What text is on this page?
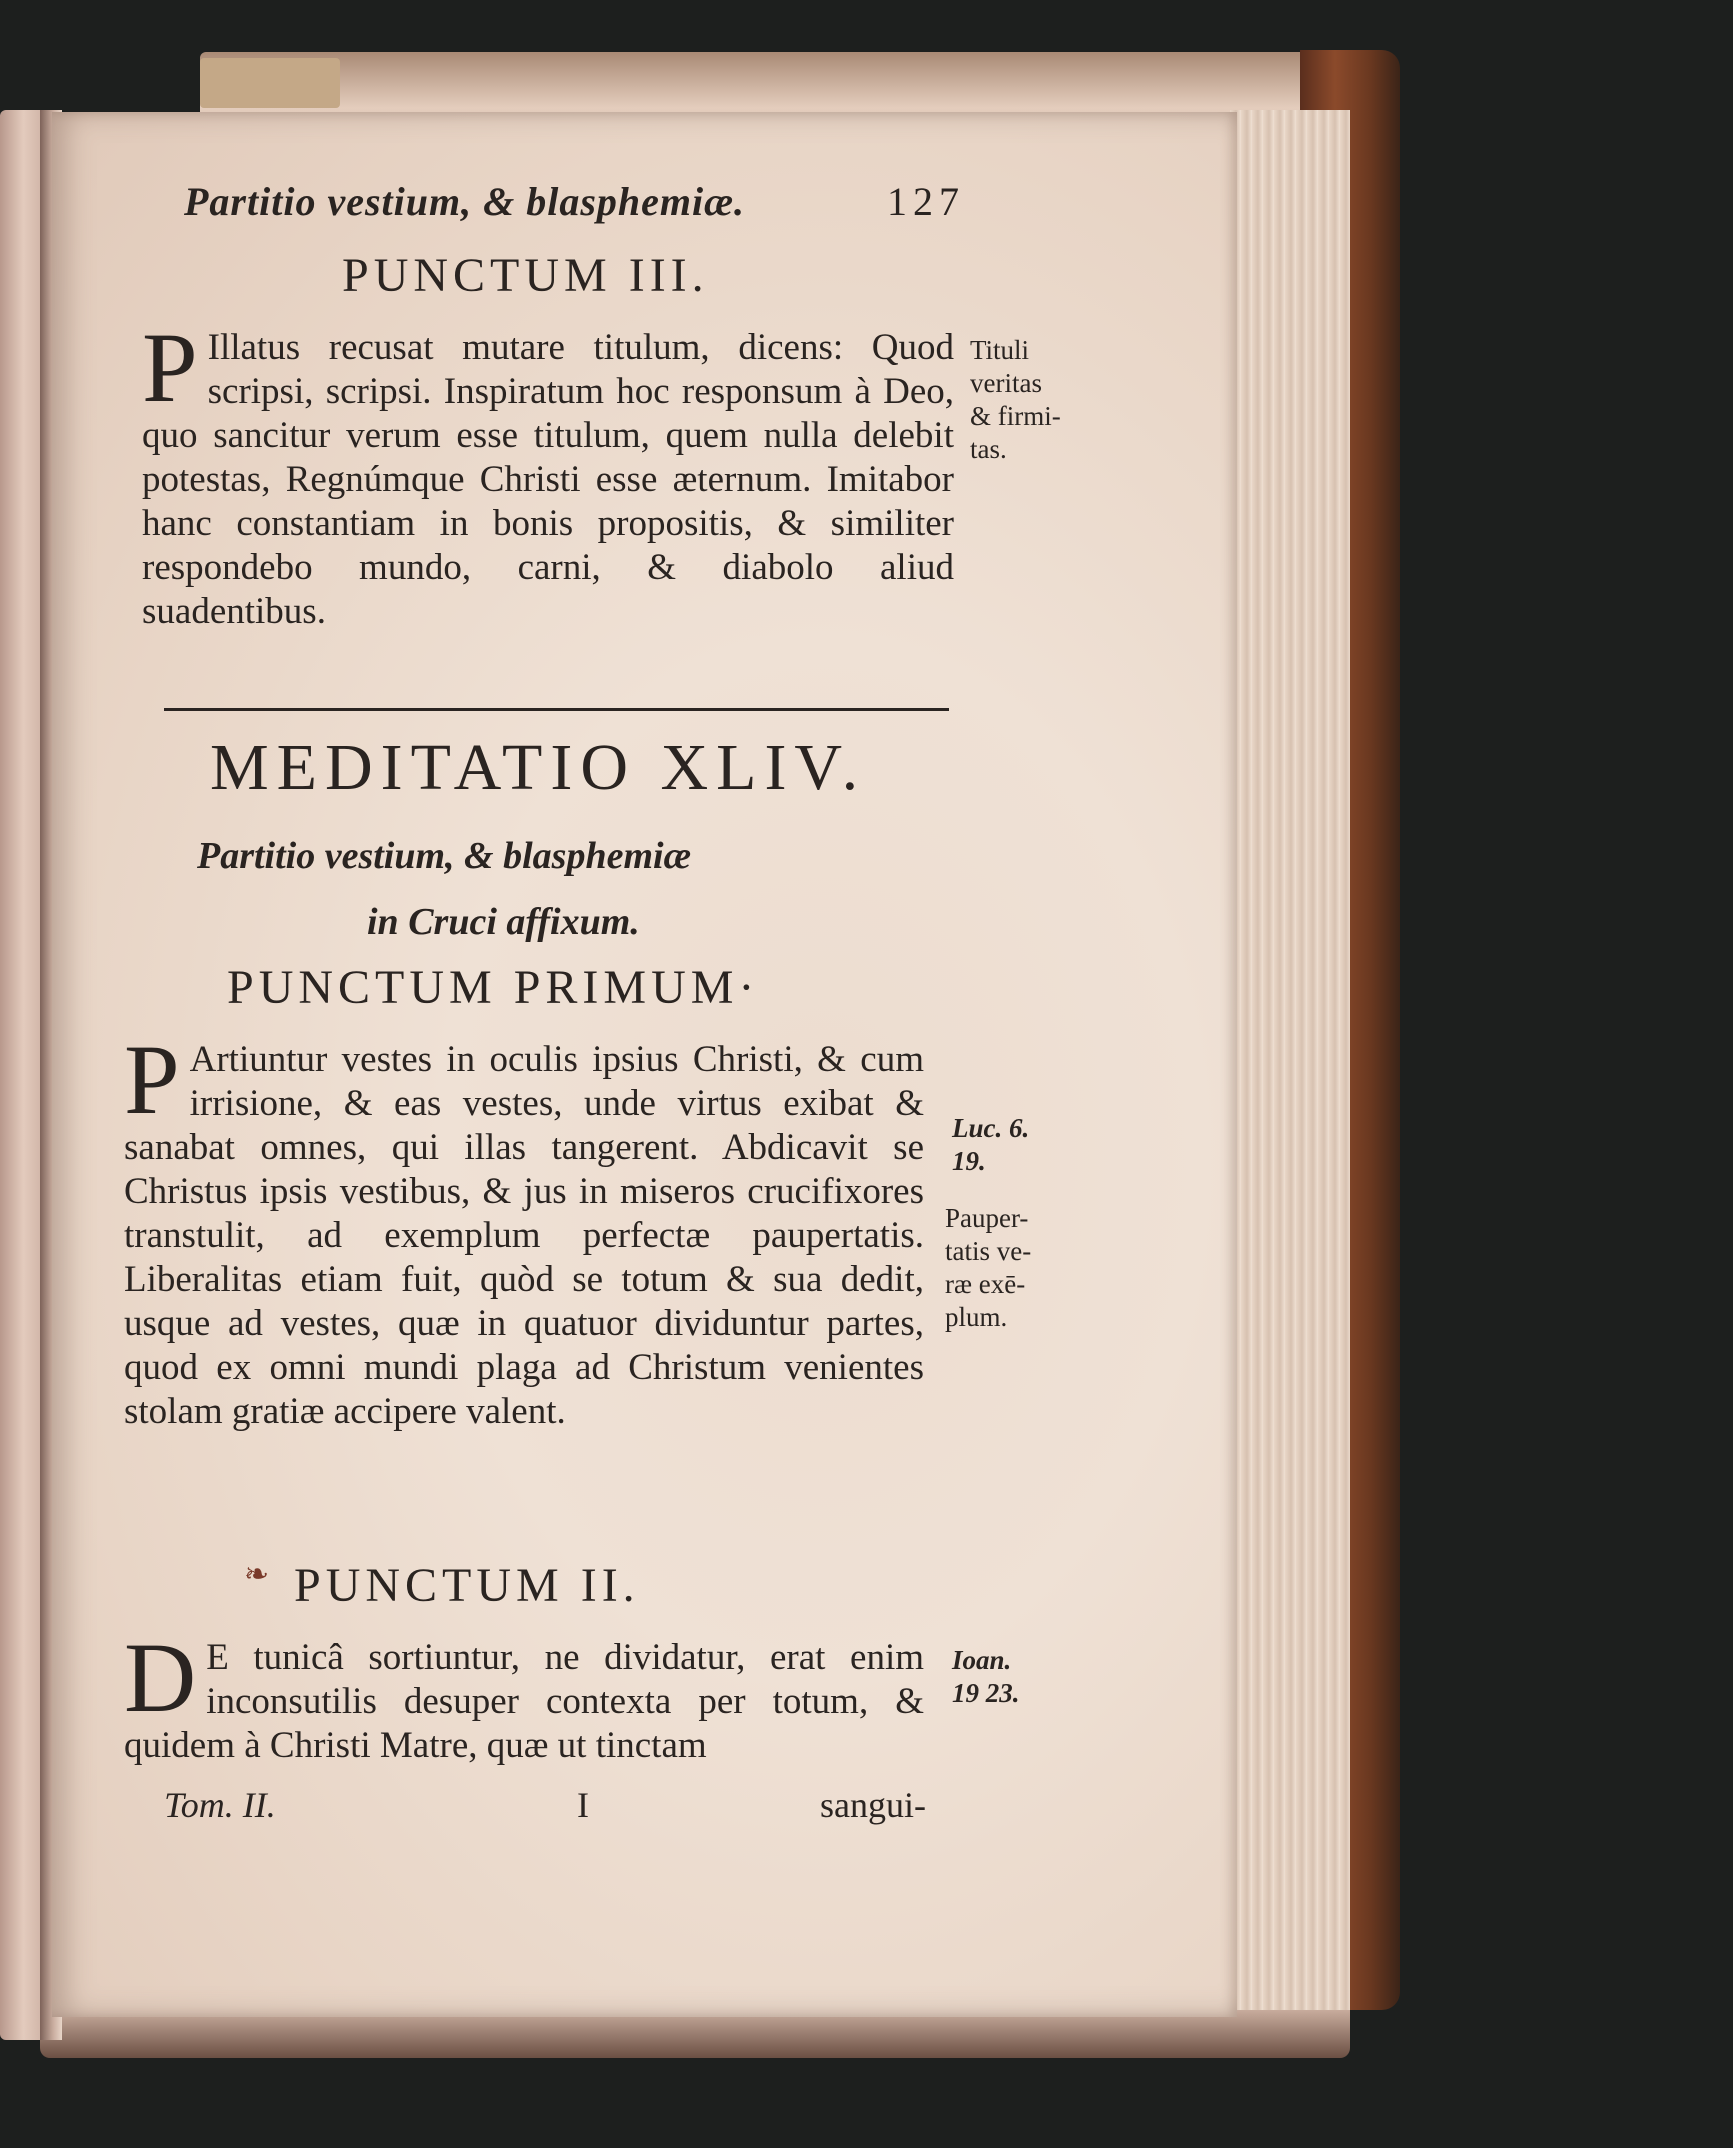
Partitio vestium, & blasphemiæ.	127
PUNCTUM III.
P Illatus recusat mutare titulum, dicens: Quod scripsi, scripsi. Inspiratum hoc responsum à Deo, quo sancitur verum esse titulum, quem nulla delebit potestas, Regnúmque Christi esse æternum. Imitabor hanc constantiam in bonis propositis, & similiter respondebo mundo, carni, & diabolo aliud suadentibus.
Tituli
veritas
& firmi-
tas.
MEDITATIO XLIV.
Partitio vestium, & blasphemiæ
in Cruci affixum.
PUNCTUM PRIMUM·
P Artiuntur vestes in oculis ipsius Christi, & cum irrisione, & eas vestes, unde virtus exibat & sanabat omnes, qui illas tangerent. Abdicavit se Christus ipsis vestibus, & jus in miseros crucifixores transtulit, ad exemplum perfectæ paupertatis. Liberalitas etiam fuit, quòd se totum & sua dedit, usque ad vestes, quæ in quatuor dividuntur partes, quod ex omni mundi plaga ad Christum venientes stolam gratiæ accipere valent.
Luc. 6.
19.
Pauper-
tatis ve-
ræ exē-
plum.
❧ PUNCTUM II.
D E tunicâ sortiuntur, ne dividatur, erat enim inconsutilis desuper contexta per totum, & quidem à Christi Matre, quæ ut tinctam
Ioan.
19 23.
Tom. II.	I	sangui-
